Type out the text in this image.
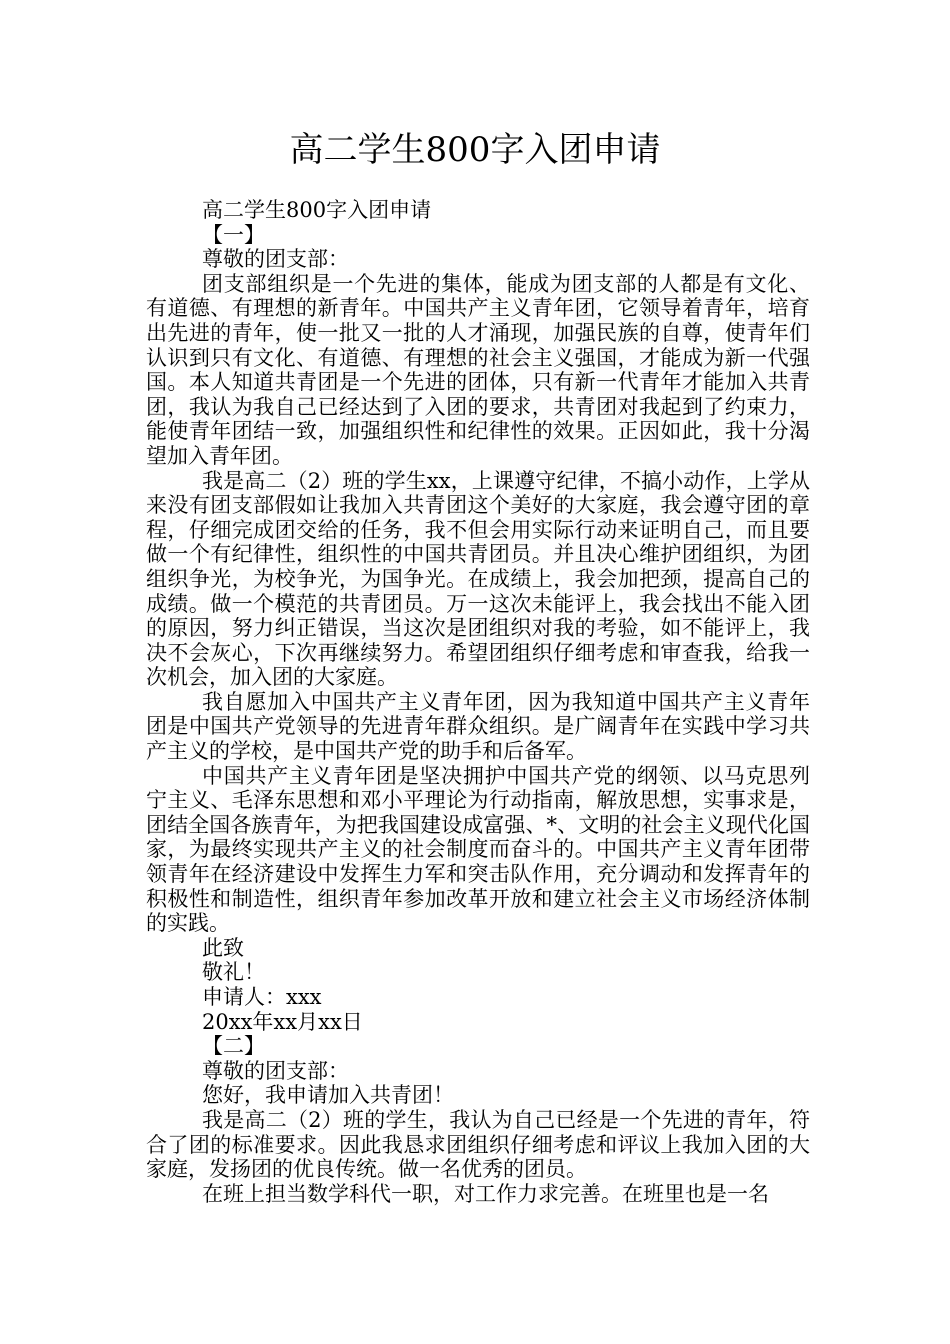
高二学生800字入团申请

高二学生800字入团申请

【一】

尊敬的团支部：

团支部组织是一个先进的集体，能成为团支部的人都是有文化、有道德、有理想的新青年。中国共产主义青年团，它领导着青年，培育出先进的青年，使一批又一批的人才涌现，加强民族的自尊，使青年们认识到只有文化、有道德、有理想的社会主义强国，才能成为新一代强国。本人知道共青团是一个先进的团体，只有新一代青年才能加入共青团，我认为我自己已经达到了入团的要求，共青团对我起到了约束力，能使青年团结一致，加强组织性和纪律性的效果。正因如此，我十分渴望加入青年团。

我是高二（2）班的学生xx，上课遵守纪律，不搞小动作，上学从来没有团支部假如让我加入共青团这个美好的大家庭，我会遵守团的章程，仔细完成团交给的任务，我不但会用实际行动来证明自己，而且要做一个有纪律性，组织性的中国共青团员。并且决心维护团组织，为团组织争光，为校争光，为国争光。在成绩上，我会加把颈，提高自己的成绩。做一个模范的共青团员。万一这次未能评上，我会找出不能入团的原因，努力纠正错误，当这次是团组织对我的考验，如不能评上，我决不会灰心，下次再继续努力。希望团组织仔细考虑和审查我，给我一次机会，加入团的大家庭。

我自愿加入中国共产主义青年团，因为我知道中国共产主义青年团是中国共产党领导的先进青年群众组织。是广阔青年在实践中学习共产主义的学校，是中国共产党的助手和后备军。

中国共产主义青年团是坚决拥护中国共产党的纲领、以马克思列宁主义、毛泽东思想和邓小平理论为行动指南，解放思想，实事求是，团结全国各族青年，为把我国建设成富强、*、文明的社会主义现代化国家，为最终实现共产主义的社会制度而奋斗的。中国共产主义青年团带领青年在经济建设中发挥生力军和突击队作用，充分调动和发挥青年的积极性和制造性，组织青年参加改革开放和建立社会主义市场经济体制的实践。

此致

敬礼！

申请人：xxx

20xx年xx月xx日

【二】

尊敬的团支部：

您好，我申请加入共青团！

我是高二（2）班的学生，我认为自己已经是一个先进的青年，符合了团的标准要求。因此我恳求团组织仔细考虑和评议上我加入团的大家庭，发扬团的优良传统。做一名优秀的团员。

在班上担当数学科代一职，对工作力求完善。在班里也是一名
